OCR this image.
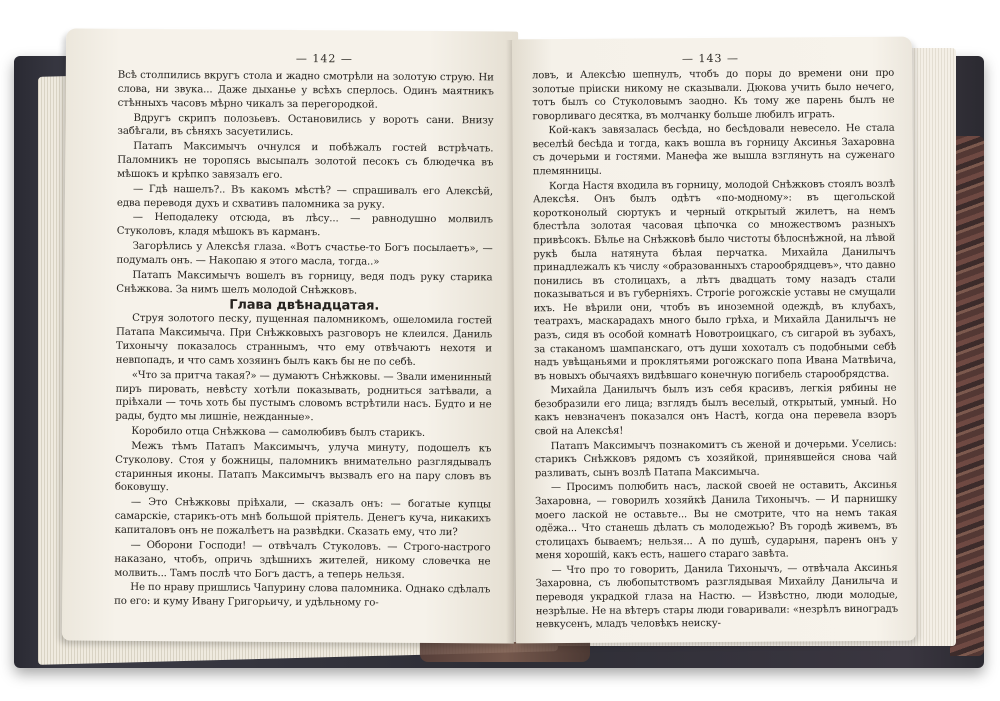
— 142 —

Всѣ столпились вкругъ стола и жадно смотрѣли на золотую струю. Ни слова, ни звука... Даже дыханье у всѣхъ сперлось. Одинъ маятникъ стѣнныхъ часовъ мѣрно чикалъ за перегородкой.

Вдругъ скрипъ полозьевъ. Остановились у воротъ сани. Внизу забѣгали, въ сѣняхъ засуетились.

Патапъ Максимычъ очнулся и побѣжалъ гостей встрѣчать. Паломникъ не торопясь высыпалъ золотой песокъ съ блюдечка въ мѣшокъ и крѣпко завязалъ его.

— Гдѣ нашелъ?.. Въ какомъ мѣстѣ? — спрашивалъ его Алексѣй, едва переводя духъ и схвативъ паломника за руку.

— Неподалеку отсюда, въ лѣсу... — равнодушно молвилъ Стуколовъ, кладя мѣшокъ въ карманъ.

Загорѣлись у Алексѣя глаза. «Вотъ счастье-то Богъ посылаетъ», — подумалъ онъ. — Накопаю я этого масла, тогда..»

Патапъ Максимычъ вошелъ въ горницу, ведя подъ руку старика Снѣжкова. За нимъ шелъ молодой Снѣжковъ.

Глава двѣнадцатая.

Струя золотого песку, пущенная паломникомъ, ошеломила гостей Патапа Максимыча. При Снѣжковыхъ разговоръ не клеился. Даниль Тихонычу показалось страннымъ, что ему отвѣчаютъ нехотя и невпопадъ, и что самъ хозяинъ былъ какъ бы не по себѣ.

«Что за притча такая?» — думаютъ Снѣжковы. — Звали именинный пиръ пировать, невѣсту хотѣли показывать, родниться затѣвали, а пріѣхали — точь хоть бы пустымъ словомъ встрѣтили насъ. Будто и не рады, будто мы лишніе, нежданные».

Коробило отца Снѣжкова — самолюбивъ былъ старикъ.

Межъ тѣмъ Патапъ Максимычъ, улуча минуту, подошелъ къ Стуколову. Стоя у божницы, паломникъ внимательно разглядывалъ старинныя иконы. Патапъ Максимычъ вызвалъ его на пару словъ въ боковушу.

— Это Снѣжковы пріѣхали, — сказалъ онъ: — богатые купцы самарскіе, старикъ-отъ мнѣ большой пріятель. Денегъ куча, никакихъ капиталовъ онъ не пожалѣетъ на развѣдки. Сказать ему, что ли?

— Оборони Господи! — отвѣчалъ Стуколовъ. — Строго-настрого наказано, чтобъ, опричь здѣшнихъ жителей, никому словечка не молвить... Тамъ послѣ что Богъ дастъ, а теперь нельзя.

Не по нраву пришлись Чапурину слова паломника. Однако сдѣлалъ по его: и куму Ивану Григорьичу, и удѣльному го-

— 143 —

ловъ, и Алексѣю шепнулъ, чтобъ до поры до времени они про золотые пріиски никому не сказывали. Дюкова учить было нечего, тотъ былъ со Стуколовымъ заодно. Къ тому же парень былъ не говорливаго десятка, въ молчанку больше любилъ играть.

Кой-какъ завязалась бесѣда, но бесѣдовали невесело. Не стала веселѣй бесѣда и тогда, какъ вошла въ горницу Аксинья Захаровна съ дочерьми и гостями. Манефа же вышла взглянуть на суженаго племянницы.

Когда Настя входила въ горницу, молодой Снѣжковъ стоялъ возлѣ Алексѣя. Онъ былъ одѣтъ «по-модному»: въ щегольской коротконолый сюртукъ и черный открытый жилетъ, на немъ блестѣла золотая часовая цѣпочка со множествомъ разныхъ привѣсокъ. Бѣлье на Снѣжковѣ было чистоты бѣлоснѣжной, на лѣвой рукѣ была натянута бѣлая перчатка. Михайла Данилычъ принадлежалъ къ числу «образованныхъ старообрядцевъ», что давно понились въ столицахъ, а лѣтъ двадцать тому назадъ стали показываться и въ губерніяхъ. Строгіе рогожскіе уставы не смущали ихъ. Не вѣрили они, чтобъ въ иноземной одеждѣ, въ клубахъ, театрахъ, маскарадахъ много было грѣха, и Михайла Данилычъ не разъ, сидя въ особой комнатѣ Новотроицкаго, съ сигарой въ зубахъ, за стаканомъ шампанскаго, отъ души хохоталъ съ подобными себѣ надъ увѣщаньями и проклятьями рогожскаго попа Ивана Матвѣича, въ новыхъ обычаяхъ видѣвшаго конечную погибель старообрядства.

Михайла Данилычъ былъ изъ себя красивъ, легкія рябины не безобразили его лица; взглядъ былъ веселый, открытый, умный. Но какъ невзначенъ показался онъ Настѣ, когда она перевела взоръ свой на Алексѣя!

Патапъ Максимычъ познакомитъ съ женой и дочерьми. Уселись: старикъ Снѣжковъ рядомъ съ хозяйкой, принявшейся снова чай разливать, сынъ возлѣ Патапа Максимыча.

— Просимъ полюбить насъ, лаской своей не оставить, Аксинья Захаровна, — говорилъ хозяйкѣ Данила Тихонычъ. — И парнишку моего лаской не оставьте... Вы не смотрите, что на немъ такая одёжа... Что станешь дѣлать съ молодежью? Въ городѣ живемъ, въ столицахъ бываемъ; нельзя... А по душѣ, сударыня, паренъ онъ у меня хорошій, какъ есть, нашего стараго завѣта.

— Что про то говорить, Данила Тихонычъ, — отвѣчала Аксинья Захаровна, съ любопытствомъ разглядывая Михайлу Данилыча и переводя украдкой глаза на Настю. — Извѣстно, люди молодые, незрѣлые. Не на вѣтеръ стары люди говаривали: «незрѣлъ виноградъ невкусенъ, младъ человѣкъ неиску-
